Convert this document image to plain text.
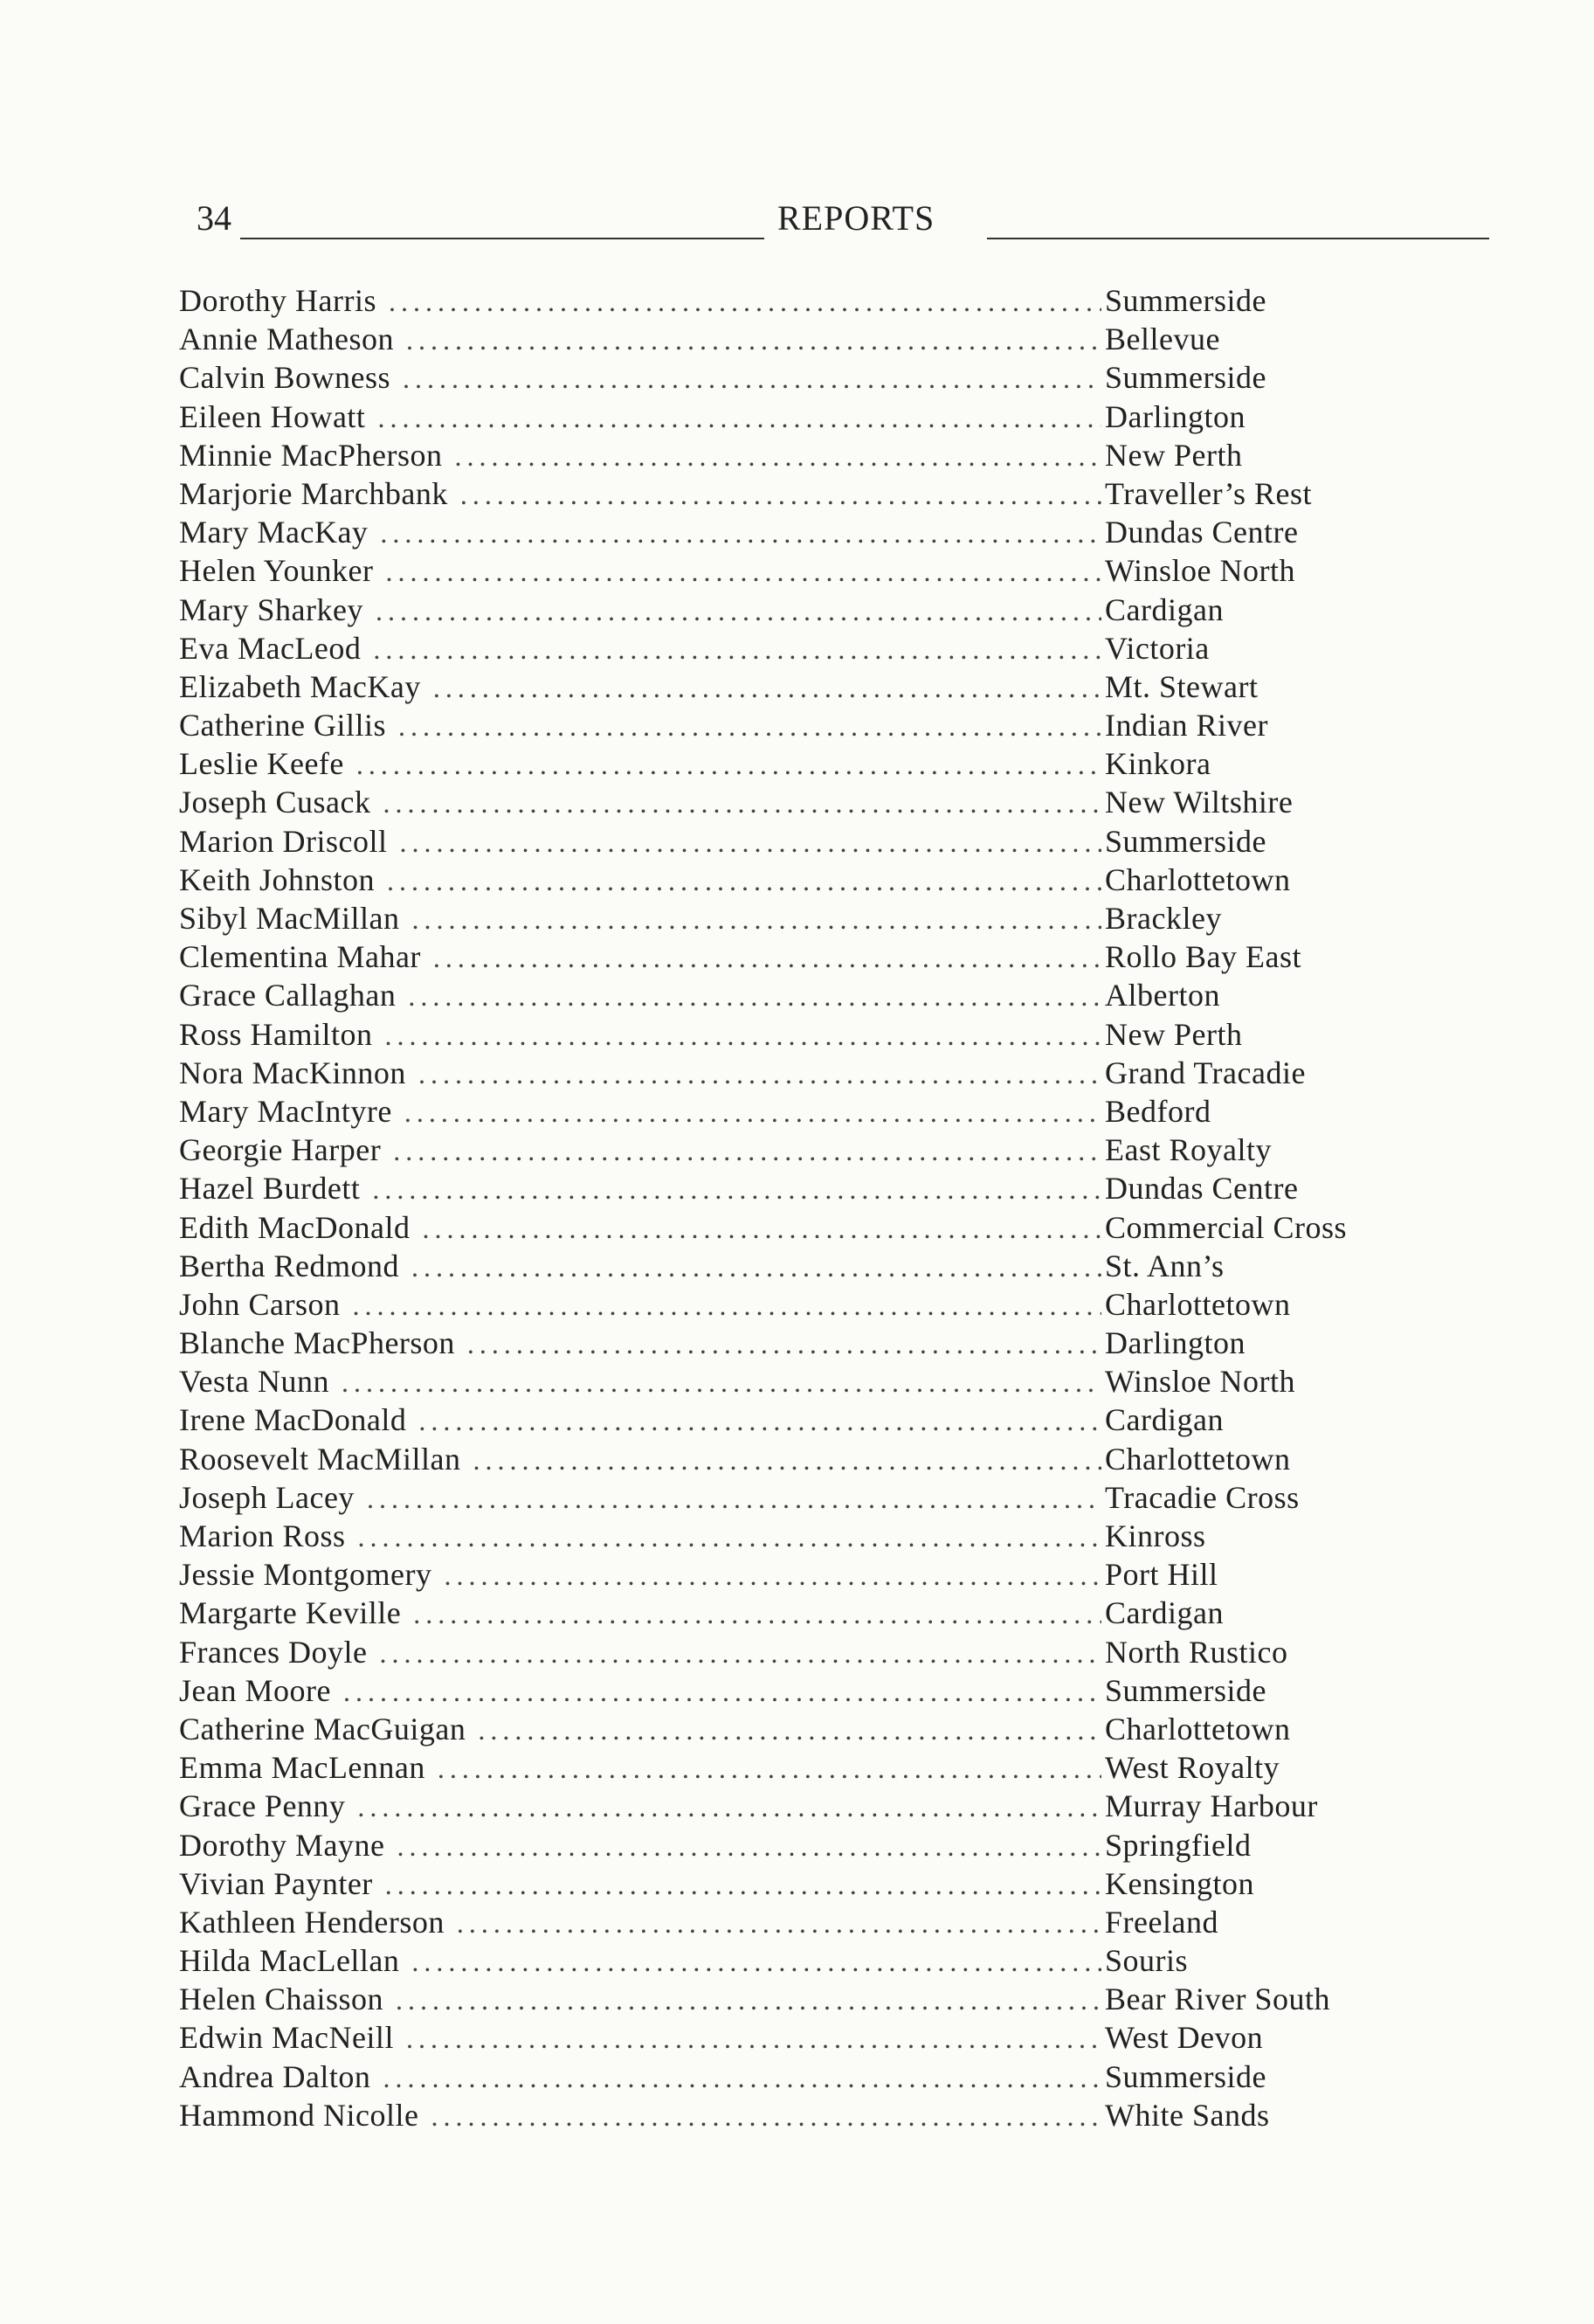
34	REPORTS
Dorothy Harris .....	Summerside
Annie Matheson .....	Bellevue
Calvin Bowness .....	Summerside
Eileen Howatt .....	Darlington
Minnie MacPherson .....	New Perth
Marjorie Marchbank .....	Traveller’s Rest
Mary MacKay .....	Dundas Centre
Helen Younker .....	Winsloe North
Mary Sharkey .....	Cardigan
Eva MacLeod .....	Victoria
Elizabeth MacKay .....	Mt. Stewart
Catherine Gillis .....	Indian River
Leslie Keefe .....	Kinkora
Joseph Cusack .....	New Wiltshire
Marion Driscoll .....	Summerside
Keith Johnston .....	Charlottetown
Sibyl MacMillan .....	Brackley
Clementina Mahar .....	Rollo Bay East
Grace Callaghan .....	Alberton
Ross Hamilton .....	New Perth
Nora MacKinnon .....	Grand Tracadie
Mary MacIntyre .....	Bedford
Georgie Harper .....	East Royalty
Hazel Burdett .....	Dundas Centre
Edith MacDonald .....	Commercial Cross
Bertha Redmond .....	St. Ann’s
John Carson .....	Charlottetown
Blanche MacPherson .....	Darlington
Vesta Nunn .....	Winsloe North
Irene MacDonald .....	Cardigan
Roosevelt MacMillan .....	Charlottetown
Joseph Lacey .....	Tracadie Cross
Marion Ross .....	Kinross
Jessie Montgomery .....	Port Hill
Margarte Keville .....	Cardigan
Frances Doyle .....	North Rustico
Jean Moore .....	Summerside
Catherine MacGuigan .....	Charlottetown
Emma MacLennan .....	West Royalty
Grace Penny .....	Murray Harbour
Dorothy Mayne .....	Springfield
Vivian Paynter .....	Kensington
Kathleen Henderson .....	Freeland
Hilda MacLellan .....	Souris
Helen Chaisson .....	Bear River South
Edwin MacNeill .....	West Devon
Andrea Dalton .....	Summerside
Hammond Nicolle .....	White Sands
